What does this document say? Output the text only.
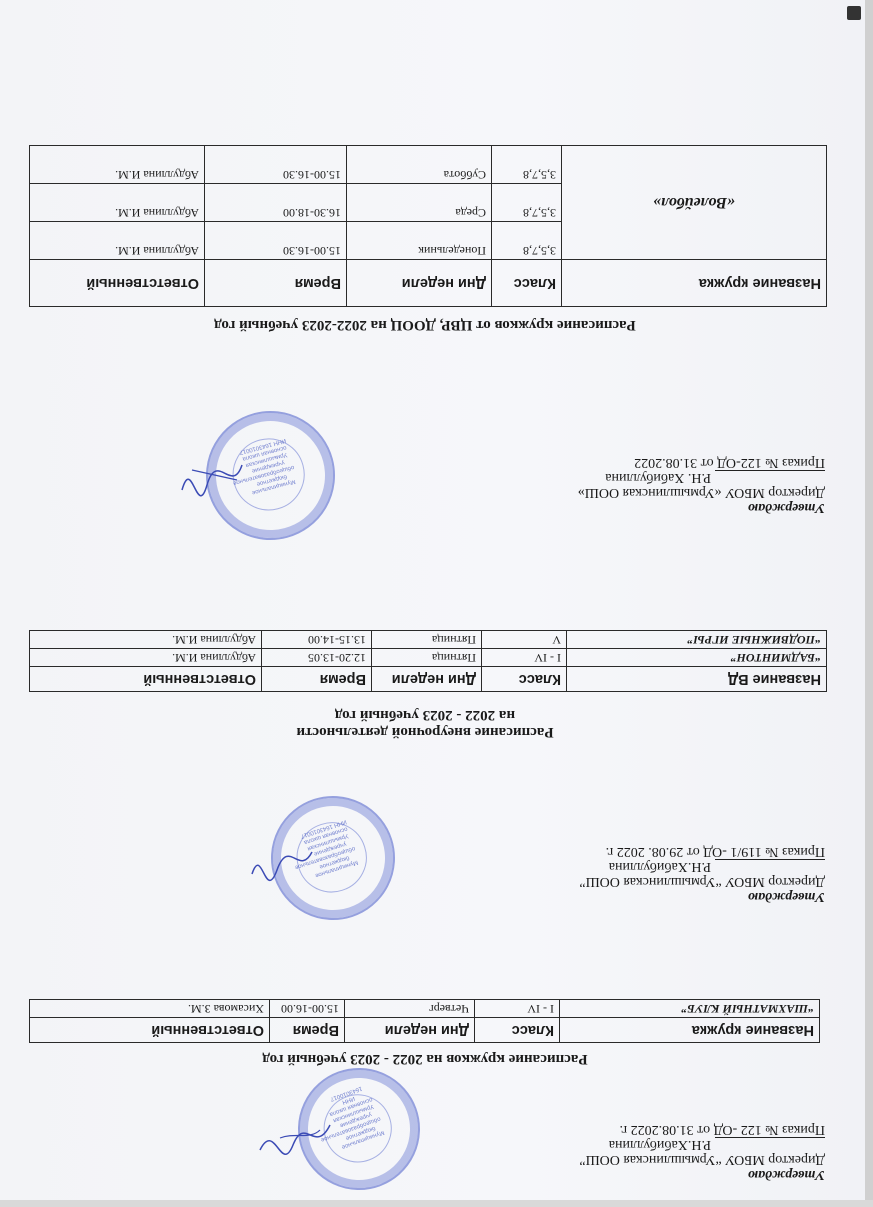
Утверждаю
Директор МБОУ “Урмышлинская ООШ”
Р.Н.Хабибуллина
Приказ № 122 -ОД от 31.08.2022 г.
Муниципальное бюджетное общеобразовательное учреждение Урмышлинская основная школа ИНН 1643010017
Расписание кружков на 2022 - 2023 учебный год
Название кружка	Класс	Дни недели	Время	Ответственный
“ШАХМАТНЫЙ КЛУБ”	I - IV	Четверг	15.00-16.00	Хисамова З.М.
Утверждаю
Директор МБОУ “Урмышлинская ООШ”
Р.Н.Хабибуллина
Приказ № 119/1 -ОД от 29.08. 2022 г.
Муниципальное бюджетное общеобразовательное учреждение Урмышлинская основная школа ИНН 1643010017
Расписание внеурочной деятельности
на 2022 - 2023 учебный год
Название ВД	Класс	Дни недели	Время	Ответственный
“БАДМИНТОН”	I - IV	Пятница	12.20-13.05	Абдуллина И.М.
“ПОДВИЖНЫЕ ИГРЫ”	V	Пятница	13.15-14.00	Абдуллина И.М.
Утверждаю
Директор МБОУ «Урмышлинская ООШ»
Р.Н. Хабибуллина
Приказ № 122-ОД от 31.08.2022
Муниципальное бюджетное общеобразовательное учреждение Урмышлинская основная школа ИНН 1643010017
Расписание кружков от ЦВР, ДООЦ на 2022-2023 учебный год
Название кружка	Класс	Дни недели	Время	Ответственный
«Волейбол»	3,5,7,8	Понедельник	15.00-16.30	Абдуллина И.М.
	3,5,7,8	Среда	16.30-18.00	Абдуллина И.М.
	3,5,7,8	Суббота	15.00-16.30	Абдуллина И.М.
